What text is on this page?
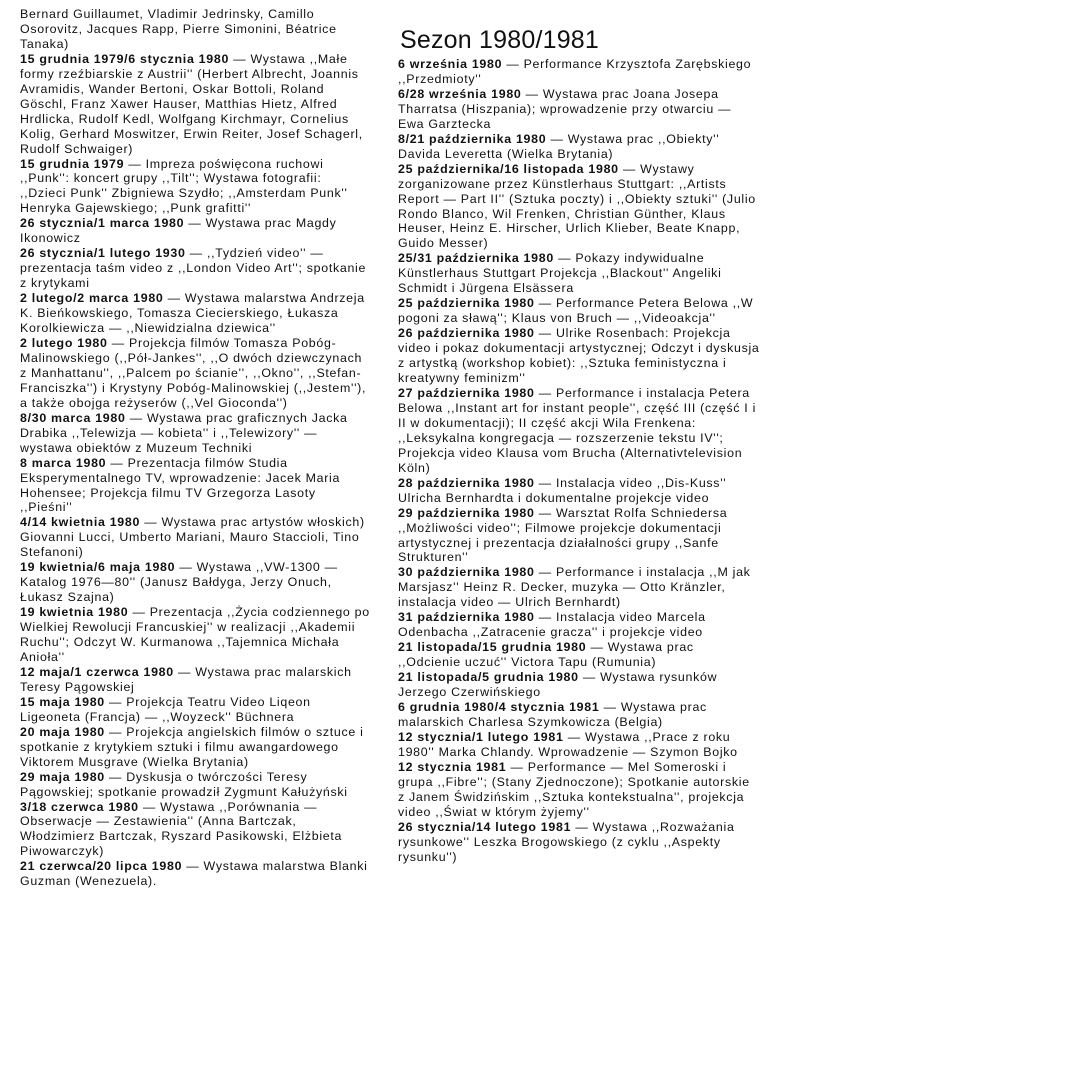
Sezon 1980/1981

Bernard Guillaumet, Vladimir Jedrinsky, Camillo Osorovitz, Jacques Rapp, Pierre Simonini, Béatrice Tanaka)

15 grudnia 1979/6 stycznia 1980 — Wystawa ,,Małe formy rzeźbiarskie z Austrii'' (Herbert Albrecht, Joannis Avramidis, Wander Bertoni, Oskar Bottoli, Roland Göschl, Franz Xawer Hauser, Matthias Hietz, Alfred Hrdlicka, Rudolf Kedl, Wolfgang Kirchmayr, Cornelius Kolig, Gerhard Moswitzer, Erwin Reiter, Josef Schagerl, Rudolf Schwaiger)

15 grudnia 1979 — Impreza poświęcona ruchowi ,,Punk'': koncert grupy ,,Tilt''; Wystawa fotografii: ,,Dzieci Punk'' Zbigniewa Szydło; ,,Amsterdam Punk'' Henryka Gajewskiego; ,,Punk grafitti''

26 stycznia/1 marca 1980 — Wystawa prac Magdy Ikonowicz

26 stycznia/1 lutego 1930 — ,,Tydzień video'' — prezentacja taśm video z ,,London Video Art''; spotkanie z krytykami

2 lutego/2 marca 1980 — Wystawa malarstwa Andrzeja K. Bieńkowskiego, Tomasza Ciecierskiego, Łukasza Korolkiewicza — ,,Niewidzialna dziewica''

2 lutego 1980 — Projekcja filmów Tomasza Pobóg-Malinowskiego (,,Pół-Jankes'', ,,O dwóch dziewczynach z Manhattanu'', ,,Palcem po ścianie'', ,,Okno'', ,,Stefan-Franciszka'') i Krystyny Pobóg-Malinowskiej (,,Jestem''), a także obojga reżyserów (,,Vel Gioconda'')

8/30 marca 1980 — Wystawa prac graficznych Jacka Drabika ,,Telewizja — kobieta'' i ,,Telewizory'' — wystawa obiektów z Muzeum Techniki

8 marca 1980 — Prezentacja filmów Studia Eksperymentalnego TV, wprowadzenie: Jacek Maria Hohensee; Projekcja filmu TV Grzegorza Lasoty ,,Pieśni''

4/14 kwietnia 1980 — Wystawa prac artystów włoskich) Giovanni Lucci, Umberto Mariani, Mauro Staccioli, Tino Stefanoni)

19 kwietnia/6 maja 1980 — Wystawa ,,VW-1300 — Katalog 1976—80'' (Janusz Bałdyga, Jerzy Onuch, Łukasz Szajna)

19 kwietnia 1980 — Prezentacja ,,Życia codziennego po Wielkiej Rewolucji Francuskiej'' w realizacji ,,Akademii Ruchu''; Odczyt W. Kurmanowa ,,Tajemnica Michała Anioła''

12 maja/1 czerwca 1980 — Wystawa prac malarskich Teresy Pągowskiej

15 maja 1980 — Projekcja Teatru Video Liqeon Ligeoneta (Francja) — ,,Woyzeck'' Büchnera

20 maja 1980 — Projekcja angielskich filmów o sztuce i spotkanie z krytykiem sztuki i filmu awangardowego Viktorem Musgrave (Wielka Brytania)

29 maja 1980 — Dyskusja o twórczości Teresy Pągowskiej; spotkanie prowadził Zygmunt Kałużyński

3/18 czerwca 1980 — Wystawa ,,Porównania — Obserwacje — Zestawienia'' (Anna Bartczak, Włodzimierz Bartczak, Ryszard Pasikowski, Elżbieta Piwowarczyk)

21 czerwca/20 lipca 1980 — Wystawa malarstwa Blanki Guzman (Wenezuela).

6 września 1980 — Performance Krzysztofa Zarębskiego ,,Przedmioty''

6/28 września 1980 — Wystawa prac Joana Josepa Tharratsa (Hiszpania); wprowadzenie przy otwarciu — Ewa Garztecka

8/21 października 1980 — Wystawa prac ,,Obiekty'' Davida Leveretta (Wielka Brytania)

25 października/16 listopada 1980 — Wystawy zorganizowane przez Künstlerhaus Stuttgart: ,,Artists Report — Part II'' (Sztuka poczty) i ,,Obiekty sztuki'' (Julio Rondo Blanco, Wil Frenken, Christian Günther, Klaus Heuser, Heinz E. Hirscher, Urlich Klieber, Beate Knapp, Guido Messer)

25/31 października 1980 — Pokazy indywidualne Künstlerhaus Stuttgart Projekcja ,,Blackout'' Angeliki Schmidt i Jürgena Elsässera

25 października 1980 — Performance Petera Belowa ,,W pogoni za sławą''; Klaus von Bruch — ,,Videoakcja''

26 października 1980 — Ulrike Rosenbach: Projekcja video i pokaz dokumentacji artystycznej; Odczyt i dyskusja z artystką (workshop kobiet): ,,Sztuka feministyczna i kreatywny feminizm''

27 października 1980 — Performance i instalacja Petera Belowa ,,Instant art for instant people'', część III (część I i II w dokumentacji); II część akcji Wila Frenkena: ,,Leksykalna kongregacja — rozszerzenie tekstu IV''; Projekcja video Klausa vom Brucha (Alternativtelevision Köln)

28 października 1980 — Instalacja video ,,Dis-Kuss'' Ulricha Bernhardta i dokumentalne projekcje video

29 października 1980 — Warsztat Rolfa Schniedersa ,,Możliwości video''; Filmowe projekcje dokumentacji artystycznej i prezentacja działalności grupy ,,Sanfe Strukturen''

30 października 1980 — Performance i instalacja ,,M jak Marsjasz'' Heinz R. Decker, muzyka — Otto Kränzler, instalacja video — Ulrich Bernhardt)

31 października 1980 — Instalacja video Marcela Odenbacha ,,Zatracenie gracza'' i projekcje video

21 listopada/15 grudnia 1980 — Wystawa prac ,,Odcienie uczuć'' Victora Tapu (Rumunia)

21 listopada/5 grudnia 1980 — Wystawa rysunków Jerzego Czerwińskiego

6 grudnia 1980/4 stycznia 1981 — Wystawa prac malarskich Charlesa Szymkowicza (Belgia)

12 stycznia/1 lutego 1981 — Wystawa ,,Prace z roku 1980'' Marka Chlandy. Wprowadzenie — Szymon Bojko

12 stycznia 1981 — Performance — Mel Someroski i grupa ,,Fibre''; (Stany Zjednoczone); Spotkanie autorskie z Janem Świdzińskim ,,Sztuka kontekstualna'', projekcja video ,,Świat w którym żyjemy''

26 stycznia/14 lutego 1981 — Wystawa ,,Rozważania rysunkowe'' Leszka Brogowskiego (z cyklu ,,Aspekty rysunku'')
